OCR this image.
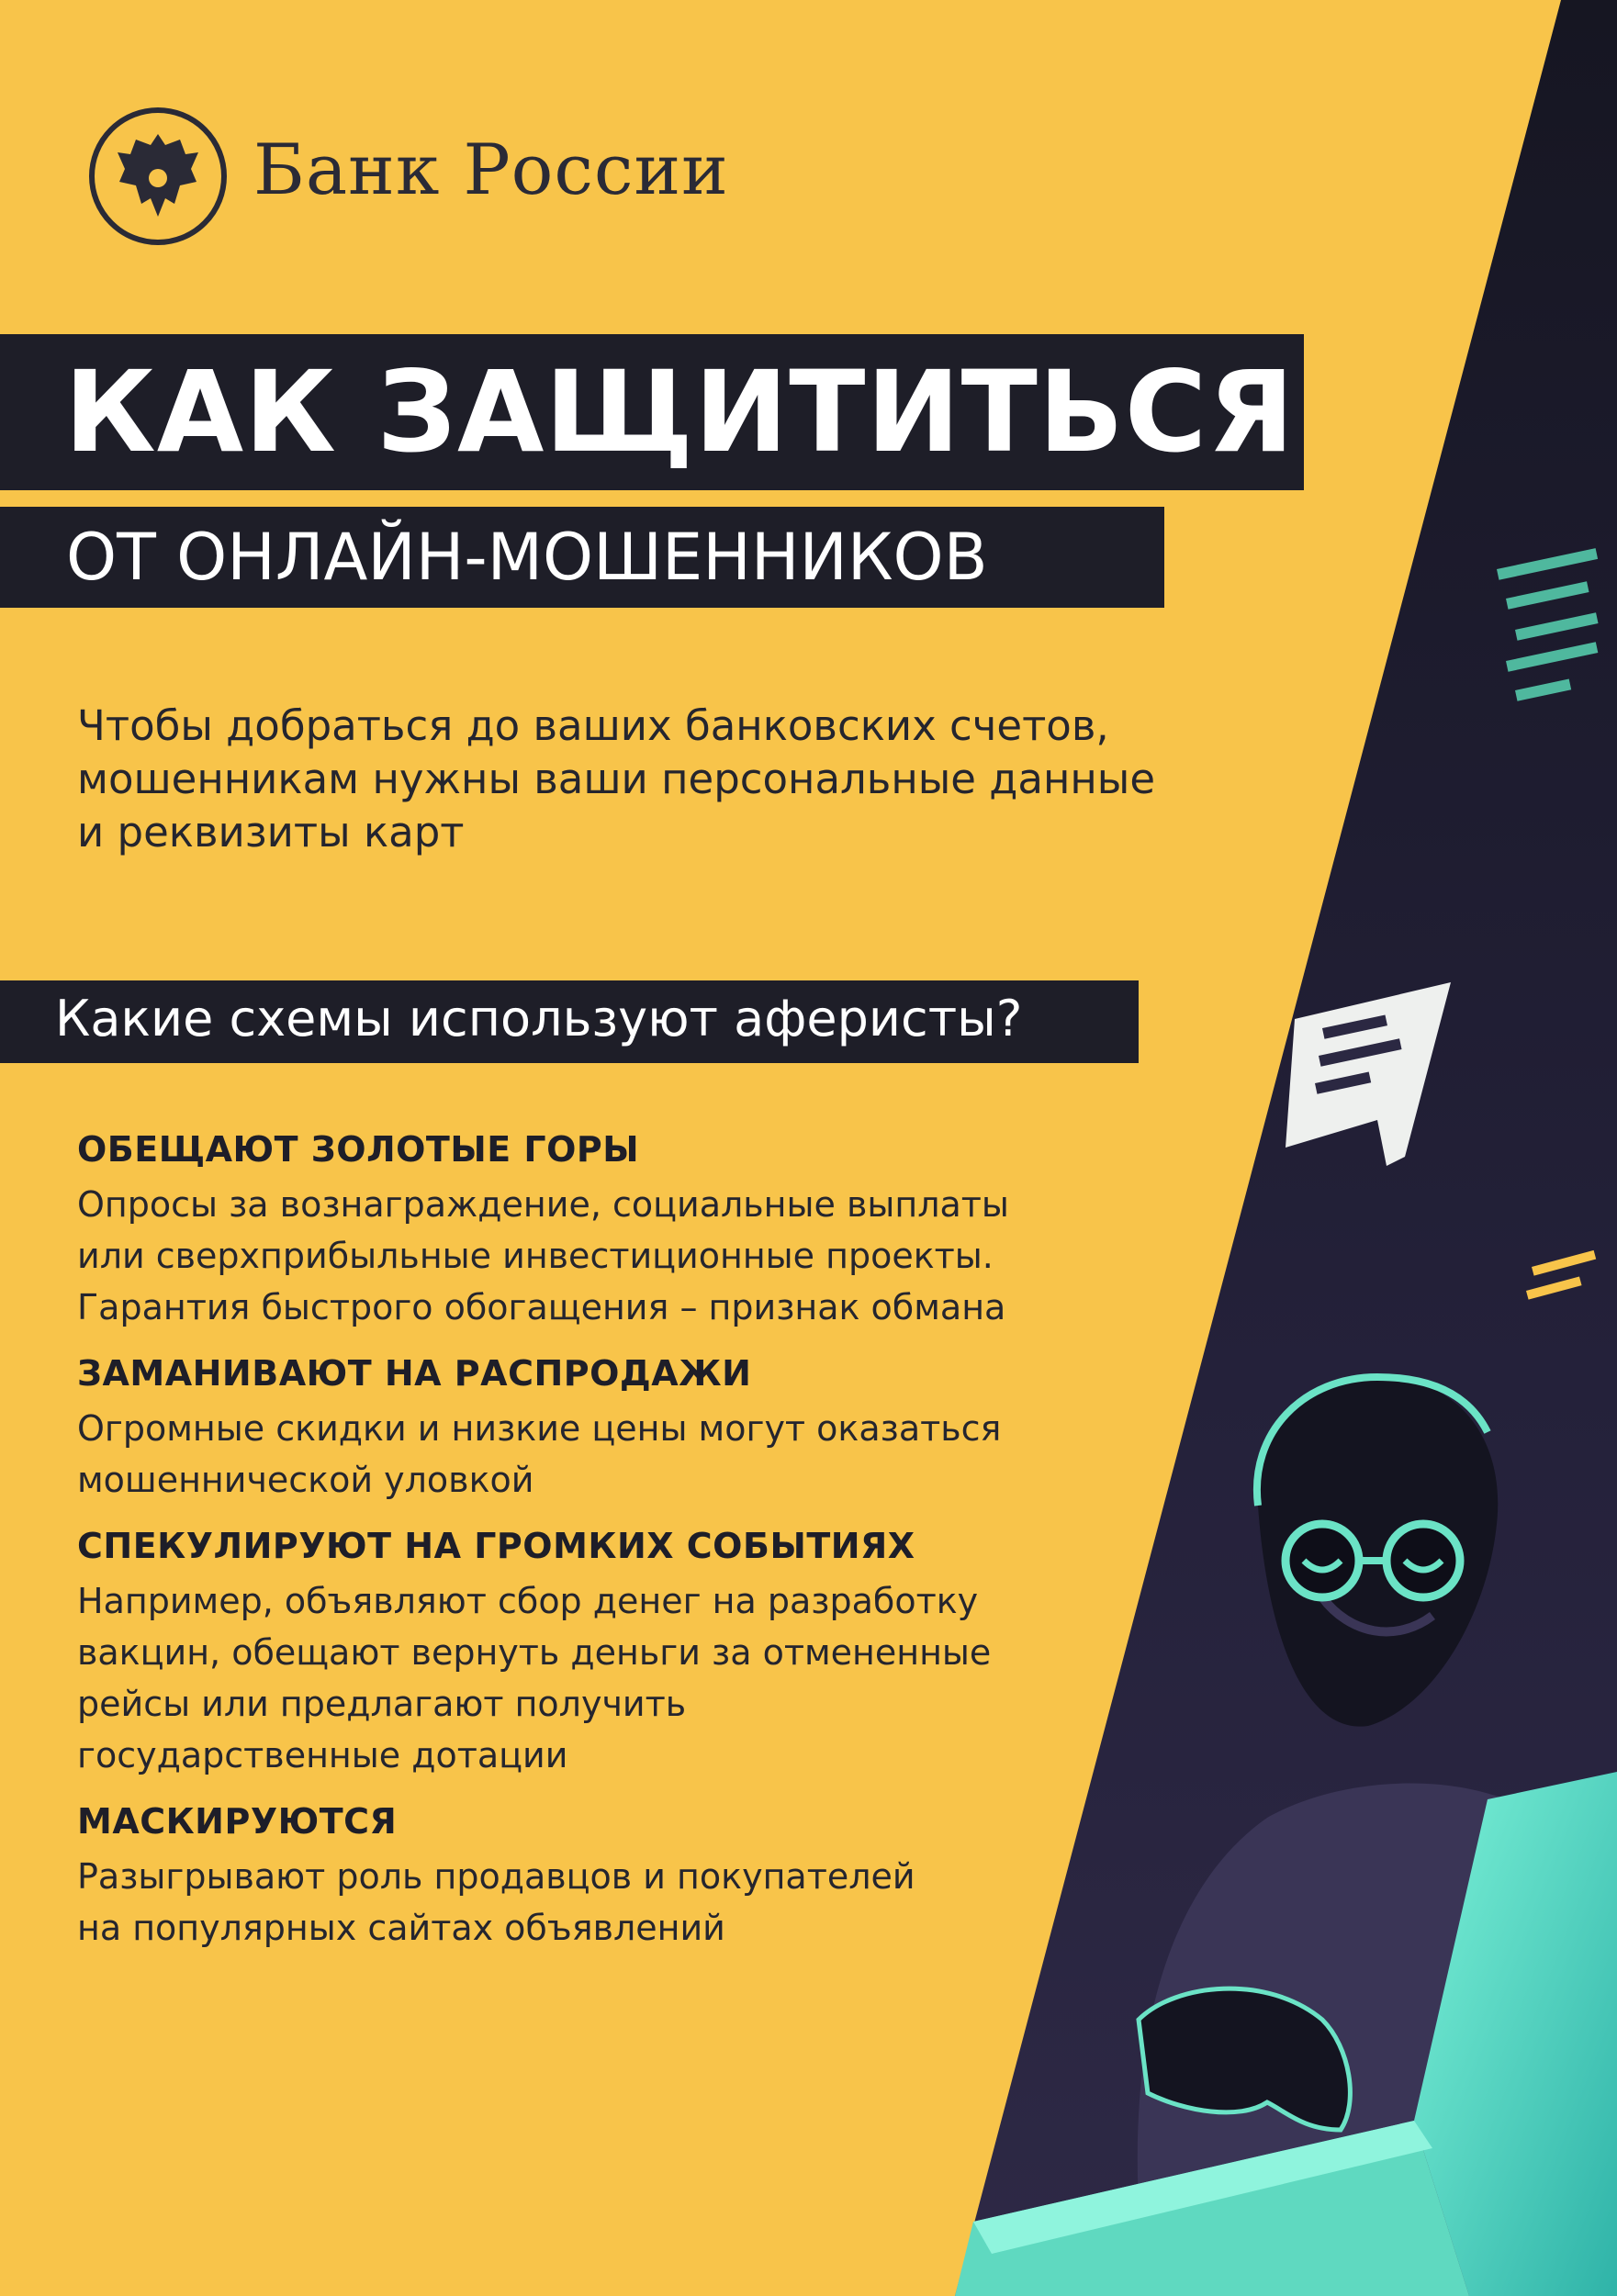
Банк России
КАК ЗАЩИТИТЬСЯ
ОТ ОНЛАЙН-МОШЕННИКОВ
Чтобы добраться до ваших банковских счетов,
мошенникам нужны ваши персональные данные
и реквизиты карт
Какие схемы используют аферисты?

ОБЕЩАЮТ ЗОЛОТЫЕ ГОРЫ

Опросы за вознаграждение, социальные выплаты
или сверхприбыльные инвестиционные проекты.
Гарантия быстрого обогащения – признак обмана

ЗАМАНИВАЮТ НА РАСПРОДАЖИ

Огромные скидки и низкие цены могут оказаться
мошеннической уловкой

СПЕКУЛИРУЮТ НА ГРОМКИХ СОБЫТИЯХ

Например, объявляют сбор денег на разработку
вакцин, обещают вернуть деньги за отмененные
рейсы или предлагают получить
государственные дотации

МАСКИРУЮТСЯ

Разыгрывают роль продавцов и покупателей
на популярных сайтах объявлений
